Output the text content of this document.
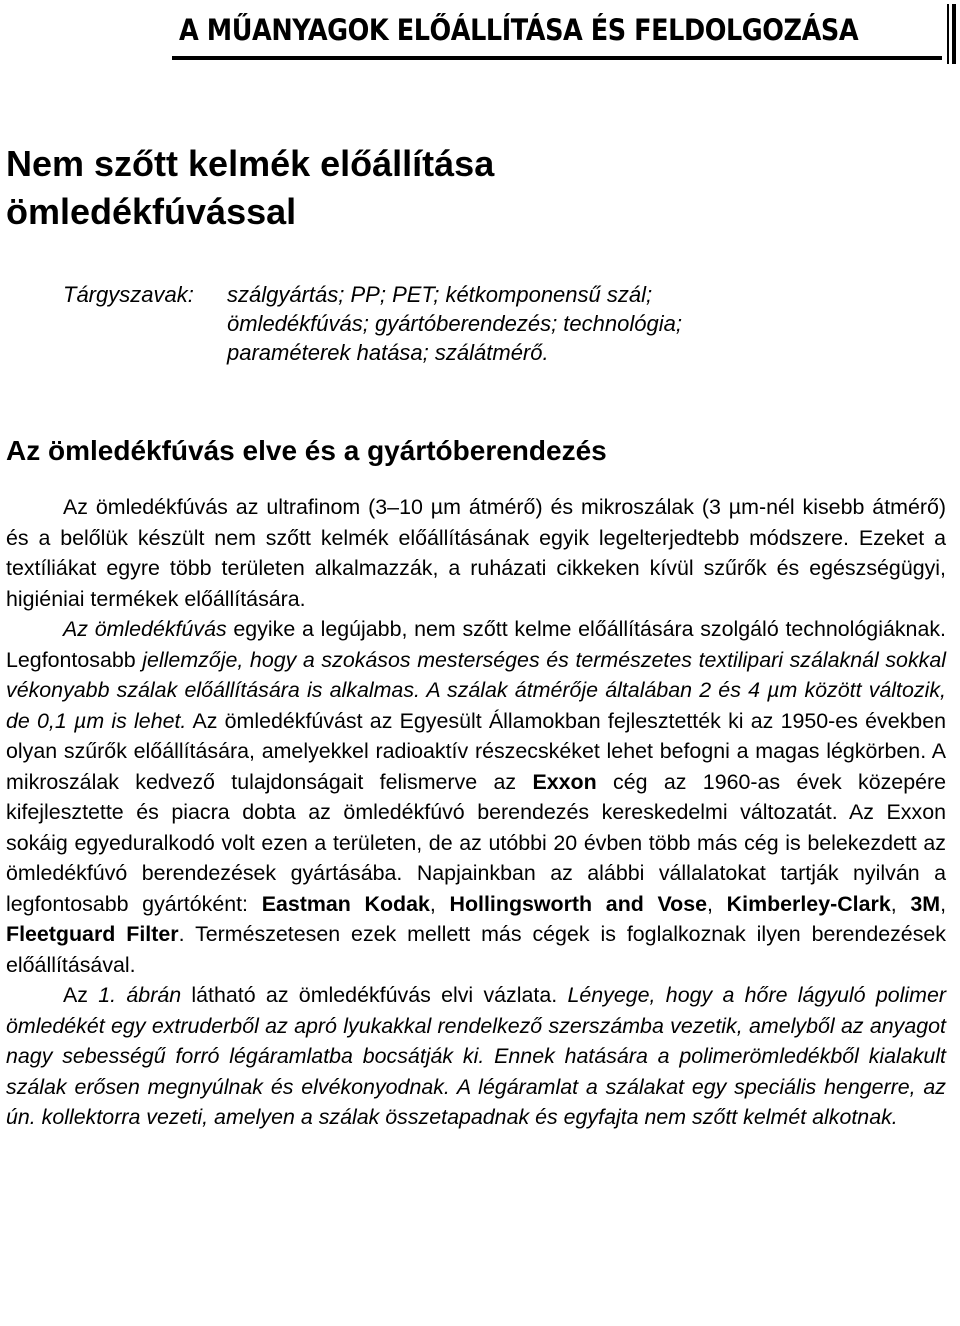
A MŰANYAGOK ELŐÁLLÍTÁSA ÉS FELDOLGOZÁSA
Nem szőtt kelmék előállítása
ömledékfúvással
Tárgyszavak:	szálgyártás; PP; PET; kétkomponensű szál;
ömledékfúvás; gyártóberendezés; technológia;
paraméterek hatása; szálátmérő.
Az ömledékfúvás elve és a gyártóberendezés

Az ömledékfúvás az ultrafinom (3–10 µm átmérő) és mikroszálak (3 µm-nél kisebb átmérő) és a belőlük készült nem szőtt kelmék előállításának egyik legelterjedtebb módszere. Ezeket a textíliákat egyre több területen alkalmazzák, a ruházati cikkeken kívül szűrők és egészségügyi, higiéniai termékek előállítására.

Az ömledékfúvás egyike a legújabb, nem szőtt kelme előállítására szolgáló technológiáknak. Legfontosabb jellemzője, hogy a szokásos mesterséges és természetes textilipari szálaknál sokkal vékonyabb szálak előállítására is alkalmas. A szálak átmérője általában 2 és 4 µm között változik, de 0,1 µm is lehet. Az ömledékfúvást az Egyesült Államokban fejlesztették ki az 1950-es években olyan szűrők előállítására, amelyekkel radioaktív részecskéket lehet befogni a magas légkörben. A mikroszálak kedvező tulajdonságait felismerve az Exxon cég az 1960-as évek közepére kifejlesztette és piacra dobta az ömledékfúvó berendezés kereskedelmi változatát. Az Exxon sokáig egyeduralkodó volt ezen a területen, de az utóbbi 20 évben több más cég is belekezdett az ömledékfúvó berendezések gyártásába. Napjainkban az alábbi vállalatokat tartják nyilván a legfontosabb gyártóként: Eastman Kodak, Hollingsworth and Vose, Kimberley-Clark, 3M, Fleetguard Filter. Természetesen ezek mellett más cégek is foglalkoznak ilyen berendezések előállításával.

Az 1. ábrán látható az ömledékfúvás elvi vázlata. Lényege, hogy a hőre lágyuló polimer ömledékét egy extruderből az apró lyukakkal rendelkező szerszámba vezetik, amelyből az anyagot nagy sebességű forró légáramlatba bocsátják ki. Ennek hatására a polimerömledékből kialakult szálak erősen megnyúlnak és elvékonyodnak. A légáramlat a szálakat egy speciális hengerre, az ún. kollektorra vezeti, amelyen a szálak összetapadnak és egyfajta nem szőtt kelmét alkotnak.
